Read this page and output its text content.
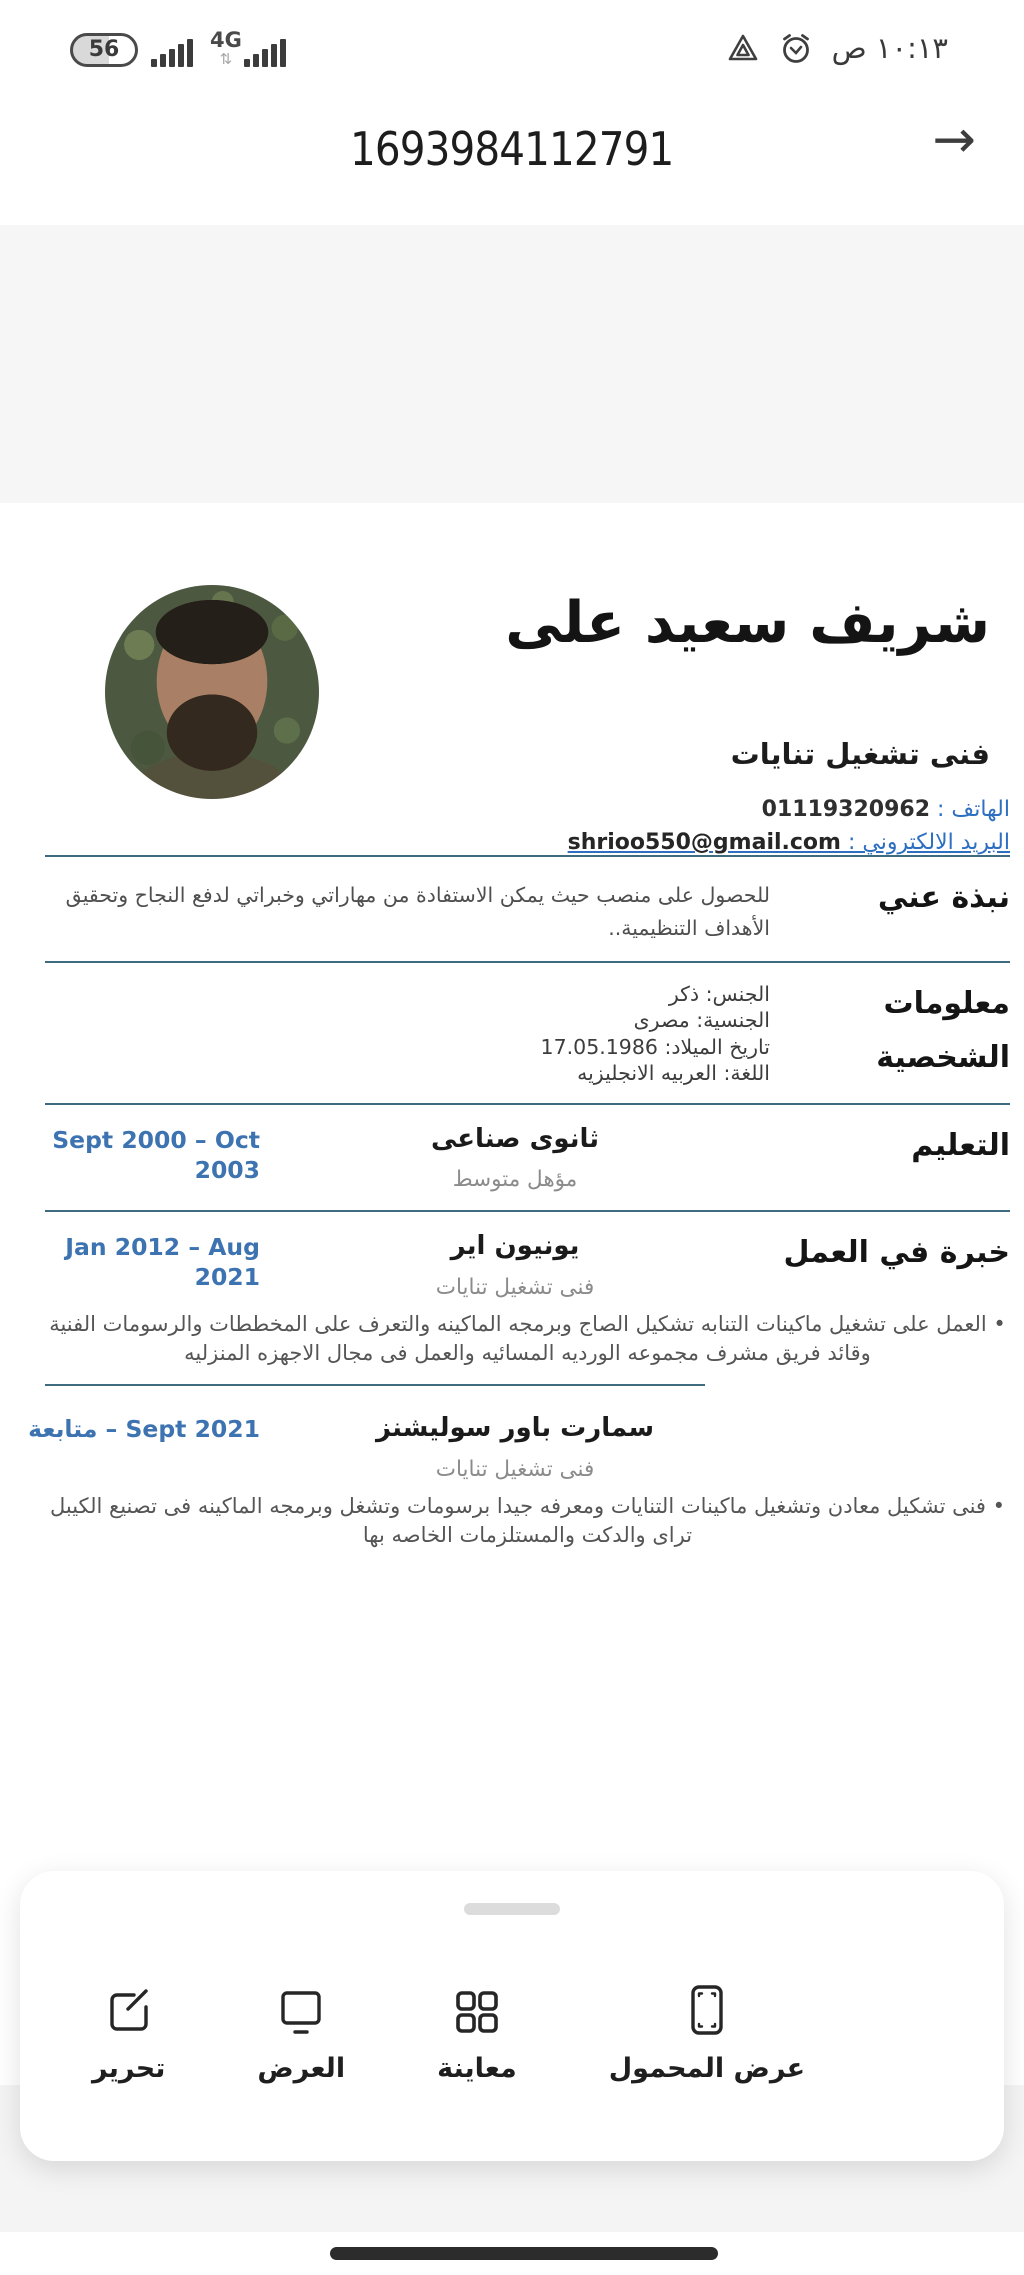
56	4G
⇅	١٠:١٣ ص
1693984112791	→
شريف سعيد على
فنى تشغيل تنايات
الهاتف : 01119320962
البريد الالكتروني : shrioo550@gmail.com
نبذة عني
للحصول على منصب حيث يمكن الاستفادة من مهاراتي وخبراتي لدفع النجاح وتحقيق الأهداف التنظيمية..
معلومات الشخصية
الجنس: ذكر
الجنسية: مصرى
تاريخ الميلاد: 17.05.1986
اللغة: العربيه الانجليزيه
التعليم
ثانوى صناعى
مؤهل متوسط
Sept 2000 – Oct 2003
خبرة في العمل
يونيون اير
فنى تشغيل تنايات
Jan 2012 – Aug 2021
• العمل على تشغيل ماكينات التنابه تشكيل الصاج وبرمجه الماكينه والتعرف على المخططات والرسومات الفنية وقائد فريق مشرف مجموعه الورديه المسائيه والعمل فى مجال الاجهزه المنزليه
سمارت باور سوليشنز
فنى تشغيل تنايات
Sept 2021 – متابعة
• فنى تشكيل معادن وتشغيل ماكينات التنايات ومعرفه جيدا برسومات وتشغل وبرمجه الماكينه فى تصنيع الكيبل تراى والدكت والمستلزمات الخاصه بها
عرض المحمول
معاينة
العرض
تحرير
